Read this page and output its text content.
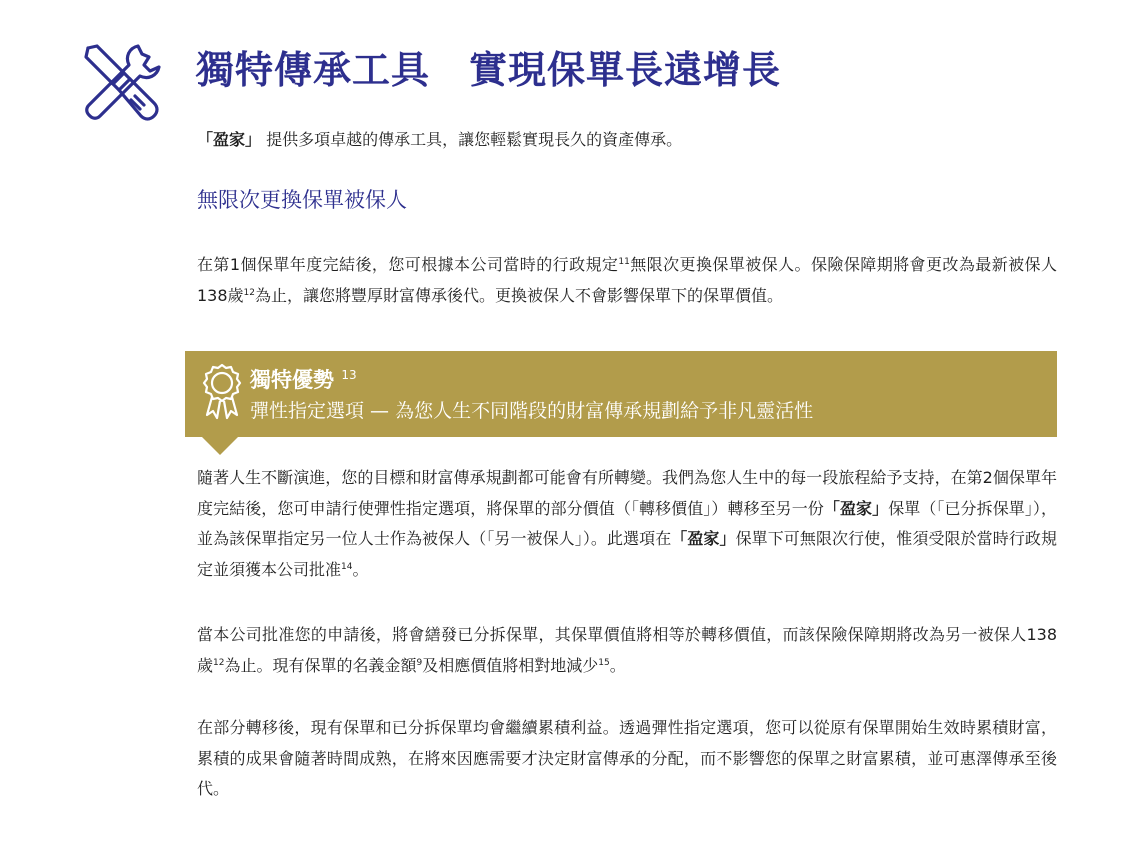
獨特傳承工具　實現保單長遠增長

「盈家」 提供多項卓越的傳承工具，讓您輕鬆實現長久的資產傳承。

無限次更換保單被保人

在第1個保單年度完結後，您可根據本公司當時的行政規定$^{11}$無限次更換保單被保人。保險保障期將會更改為最新被保人138歲$^{12}$為止，讓您將豐厚財富傳承後代。更換被保人不會影響保單下的保單價值。

獨特優勢 $^{13}$

彈性指定選項 — 為您人生不同階段的財富傳承規劃給予非凡靈活性

隨著人生不斷演進，您的目標和財富傳承規劃都可能會有所轉變。我們為您人生中的每一段旅程給予支持，在第2個保單年度完結後，您可申請行使彈性指定選項，將保單的部分價值（「轉移價值」）轉移至另一份「盈家」保單（「已分拆保單」），並為該保單指定另一位人士作為被保人（「另一被保人」）。此選項在「盈家」保單下可無限次行使，惟須受限於當時行政規定並須獲本公司批准$^{14}$。

當本公司批准您的申請後，將會繕發已分拆保單，其保單價值將相等於轉移價值，而該保險保障期將改為另一被保人138歲$^{12}$為止。現有保單的名義金額$^9$及相應價值將相對地減少$^{15}$。

在部分轉移後，現有保單和已分拆保單均會繼續累積利益。透過彈性指定選項，您可以從原有保單開始生效時累積財富，累積的成果會隨著時間成熟，在將來因應需要才決定財富傳承的分配，而不影響您的保單之財富累積，並可惠澤傳承至後代。
